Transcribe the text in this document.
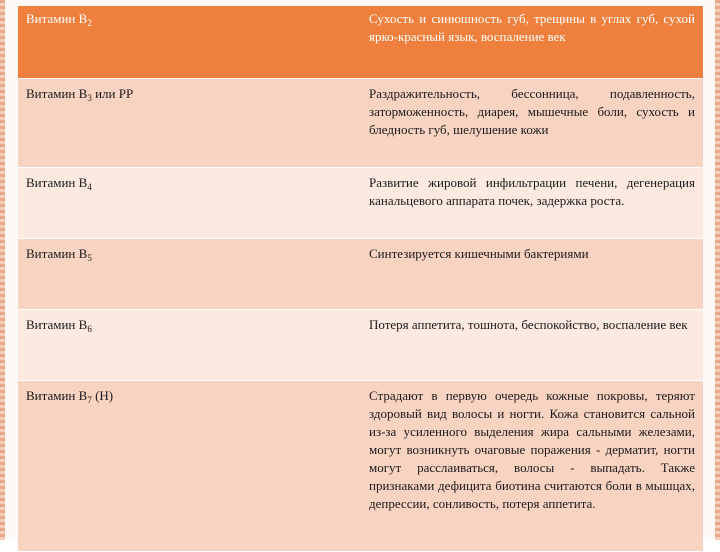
Витамин $В_2$	Сухость и синюшность губ, трещины в углах губ, сухой ярко-красный язык, воспаление век
Витамин $В_3$ или РР	Раздражительность, бессонница, подавленность, заторможенность, диарея, мышечные боли, сухость и бледность губ, шелушение кожи
Витамин $В_4$	Развитие жировой инфильтрации печени, дегенерация канальцевого аппарата почек, задержка роста.
Витамин $В_5$	Синтезируется кишечными бактериями
Витамин $В_6$	Потеря аппетита, тошнота, беспокойство, воспаление век
Витамин $В_7$ (Н)	Страдают в первую очередь кожные покровы, теряют здоровый вид волосы и ногти. Кожа становится сальной из-за усиленного выделения жира сальными железами, могут возникнуть очаговые поражения - дерматит, ногти могут расслаиваться, волосы - выпадать. Также признаками дефицита биотина считаются боли в мышцах, депрессии, сонливость, потеря аппетита.
